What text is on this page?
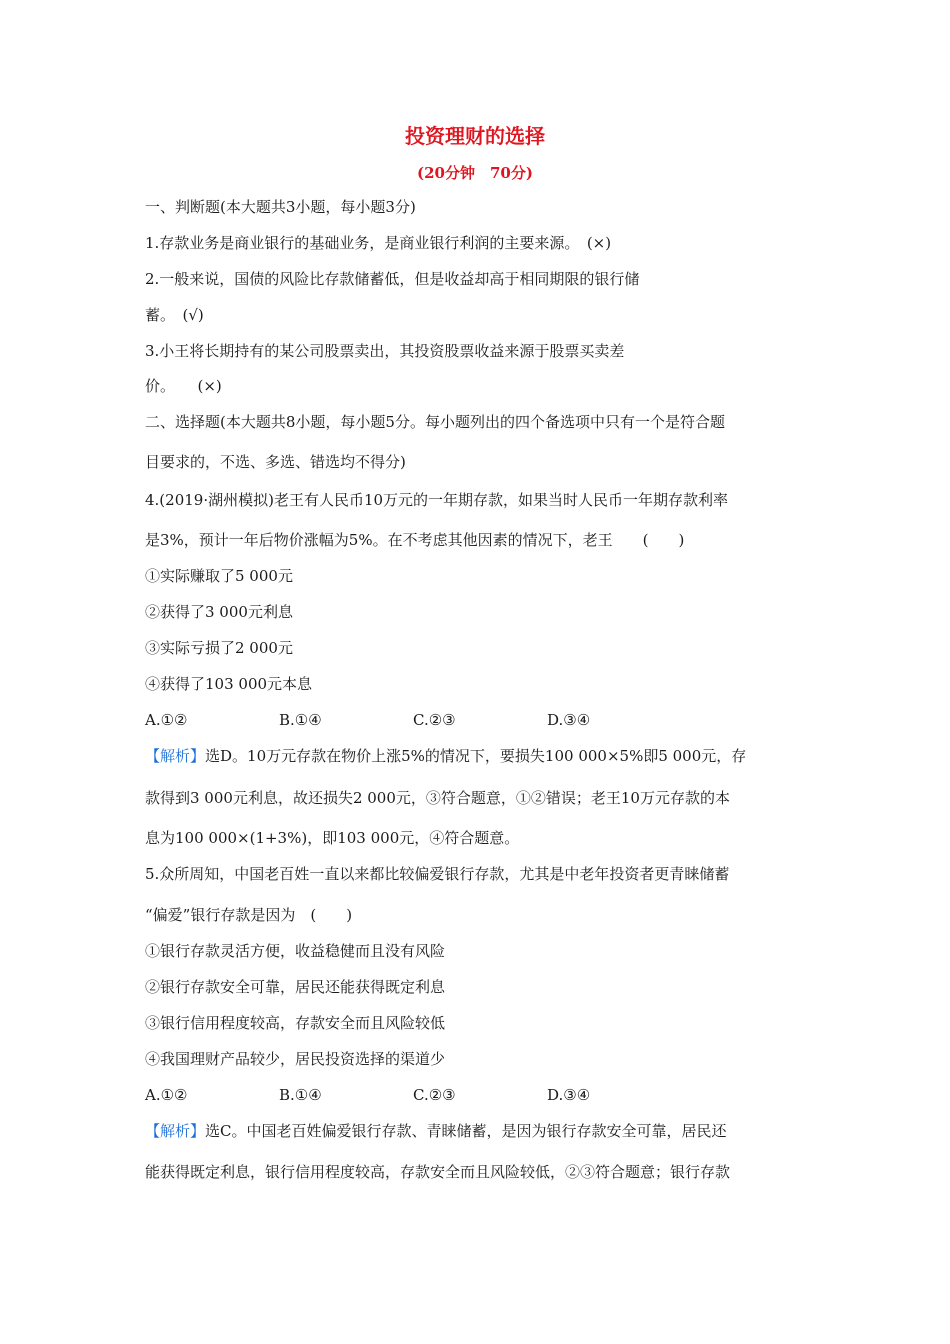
投资理财的选择
(20分钟　70分)
一、判断题(本大题共3小题，每小题3分)
1.存款业务是商业银行的基础业务，是商业银行利润的主要来源。　(×)
2.一般来说，国债的风险比存款储蓄低，但是收益却高于相同期限的银行储
蓄。　(√)
3.小王将长期持有的某公司股票卖出，其投资股票收益来源于股票买卖差
价。　　(×)
二、选择题(本大题共8小题，每小题5分。每小题列出的四个备选项中只有一个是符合题
目要求的，不选、多选、错选均不得分)
4.(2019·湖州模拟)老王有人民币10万元的一年期存款，如果当时人民币一年期存款利率
是3%，预计一年后物价涨幅为5%。在不考虑其他因素的情况下，老王　　(　　)
①实际赚取了5 000元
②获得了3 000元利息
③实际亏损了2 000元
④获得了103 000元本息
A.①②	B.①④	C.②③	D.③④
【解析】选D。10万元存款在物价上涨5%的情况下，要损失100 000×5%即5 000元，存
款得到3 000元利息，故还损失2 000元，③符合题意，①②错误；老王10万元存款的本
息为100 000×(1+3%)，即103 000元，④符合题意。
5.众所周知，中国老百姓一直以来都比较偏爱银行存款，尤其是中老年投资者更青睐储蓄
“偏爱”银行存款是因为　(　　)
①银行存款灵活方便，收益稳健而且没有风险
②银行存款安全可靠，居民还能获得既定利息
③银行信用程度较高，存款安全而且风险较低
④我国理财产品较少，居民投资选择的渠道少
A.①②	B.①④	C.②③	D.③④
【解析】选C。中国老百姓偏爱银行存款、青睐储蓄，是因为银行存款安全可靠，居民还
能获得既定利息，银行信用程度较高，存款安全而且风险较低，②③符合题意；银行存款
